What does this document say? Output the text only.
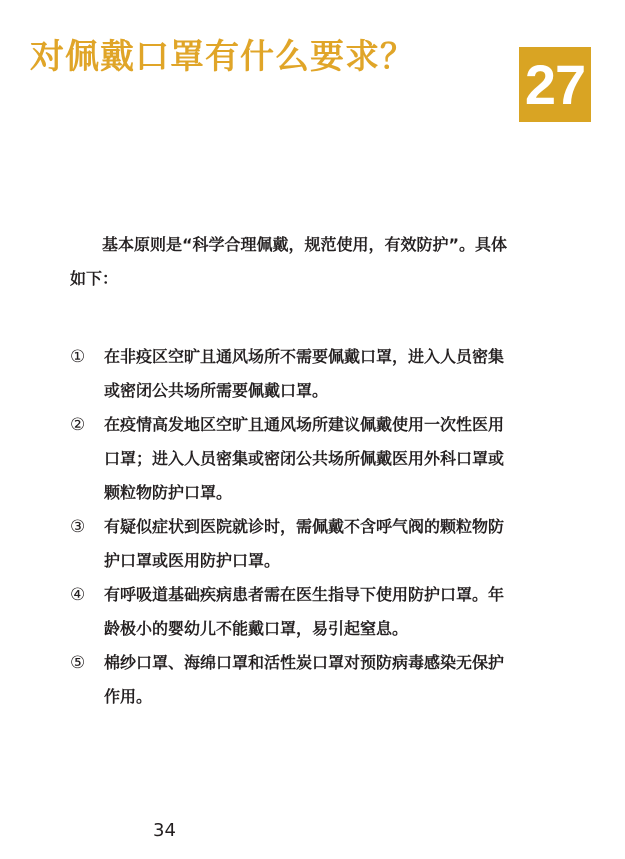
对佩戴口罩有什么要求？ 27

基本原则是“科学合理佩戴，规范使用，有效防护”。具体如下：

① 在非疫区空旷且通风场所不需要佩戴口罩，进入人员密集或密闭公共场所需要佩戴口罩。
② 在疫情高发地区空旷且通风场所建议佩戴使用一次性医用口罩；进入人员密集或密闭公共场所佩戴医用外科口罩或颗粒物防护口罩。
③ 有疑似症状到医院就诊时，需佩戴不含呼气阀的颗粒物防护口罩或医用防护口罩。
④ 有呼吸道基础疾病患者需在医生指导下使用防护口罩。年龄极小的婴幼儿不能戴口罩，易引起窒息。
⑤ 棉纱口罩、海绵口罩和活性炭口罩对预防病毒感染无保护作用。
34
